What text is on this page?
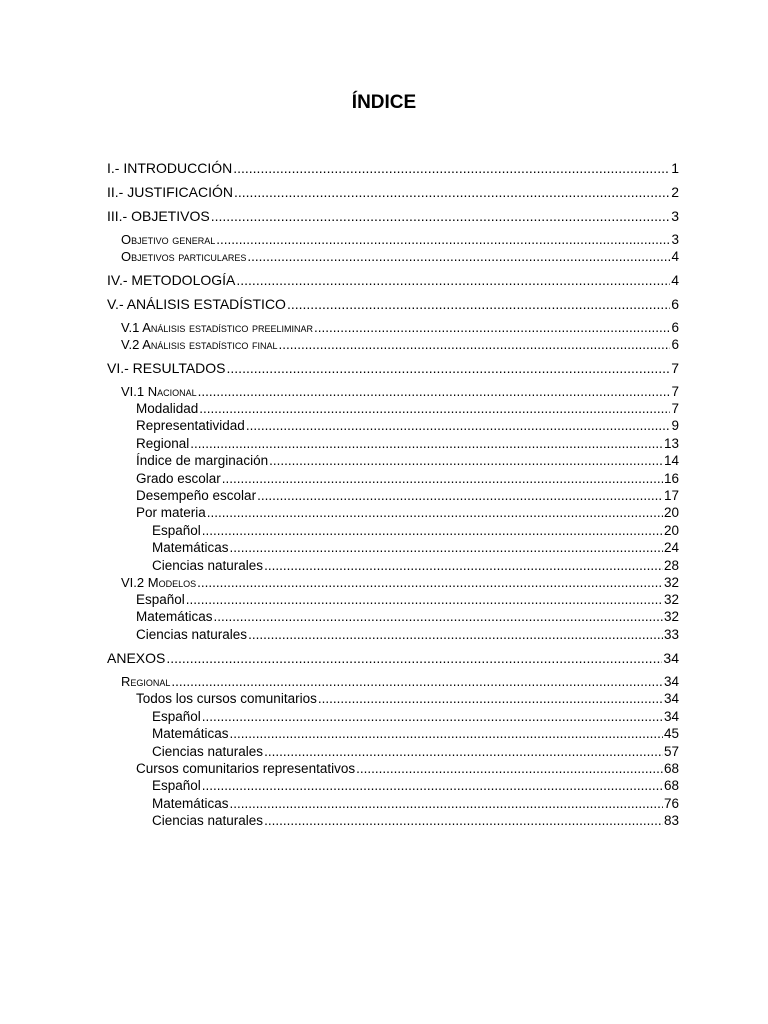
ÍNDICE
I.- INTRODUCCIÓN .....	1
II.- JUSTIFICACIÓN .....	2
III.- OBJETIVOS .....	3
Objetivo general .....	3
Objetivos particulares .....	4
IV.- METODOLOGÍA .....	4
V.- ANÁLISIS ESTADÍSTICO .....	6
V.1 Análisis estadístico preeliminar .....	6
V.2 Análisis estadístico final .....	6
VI.- RESULTADOS .....	7
VI.1 Nacional .....	7
Modalidad .....	7
Representatividad .....	9
Regional .....	13
Índice de marginación .....	14
Grado escolar .....	16
Desempeño escolar .....	17
Por materia .....	20
Español .....	20
Matemáticas .....	24
Ciencias naturales .....	28
VI.2 Modelos .....	32
Español .....	32
Matemáticas .....	32
Ciencias naturales .....	33
ANEXOS .....	34
Regional .....	34
Todos los cursos comunitarios .....	34
Español .....	34
Matemáticas .....	45
Ciencias naturales .....	57
Cursos comunitarios representativos .....	68
Español .....	68
Matemáticas .....	76
Ciencias naturales .....	83
